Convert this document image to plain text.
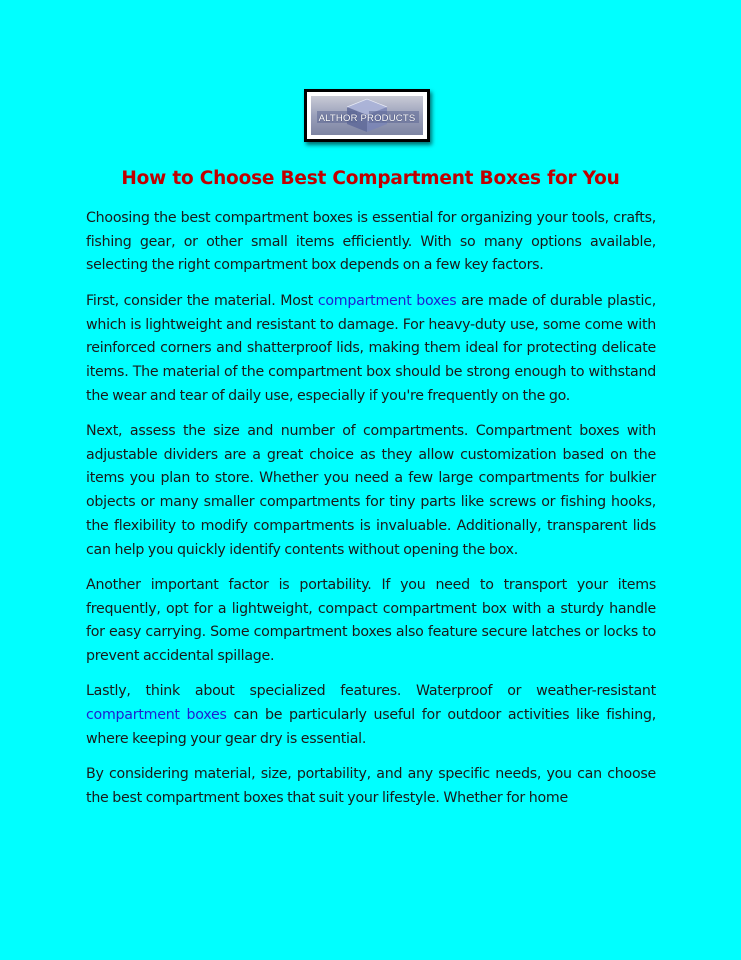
ALTHOR PRODUCTS
How to Choose Best Compartment Boxes for You

Choosing the best compartment boxes is essential for organizing your tools, crafts, fishing gear, or other small items efficiently. With so many options available, selecting the right compartment box depends on a few key factors.

First, consider the material. Most compartment boxes are made of durable plastic, which is lightweight and resistant to damage. For heavy-duty use, some come with reinforced corners and shatterproof lids, making them ideal for protecting delicate items. The material of the compartment box should be strong enough to withstand the wear and tear of daily use, especially if you're frequently on the go.

Next, assess the size and number of compartments. Compartment boxes with adjustable dividers are a great choice as they allow customization based on the items you plan to store. Whether you need a few large compartments for bulkier objects or many smaller compartments for tiny parts like screws or fishing hooks, the flexibility to modify compartments is invaluable. Additionally, transparent lids can help you quickly identify contents without opening the box.

Another important factor is portability. If you need to transport your items frequently, opt for a lightweight, compact compartment box with a sturdy handle for easy carrying. Some compartment boxes also feature secure latches or locks to prevent accidental spillage.

Lastly, think about specialized features. Waterproof or weather-resistant compartment boxes can be particularly useful for outdoor activities like fishing, where keeping your gear dry is essential.

By considering material, size, portability, and any specific needs, you can choose the best compartment boxes that suit your lifestyle. Whether for home
